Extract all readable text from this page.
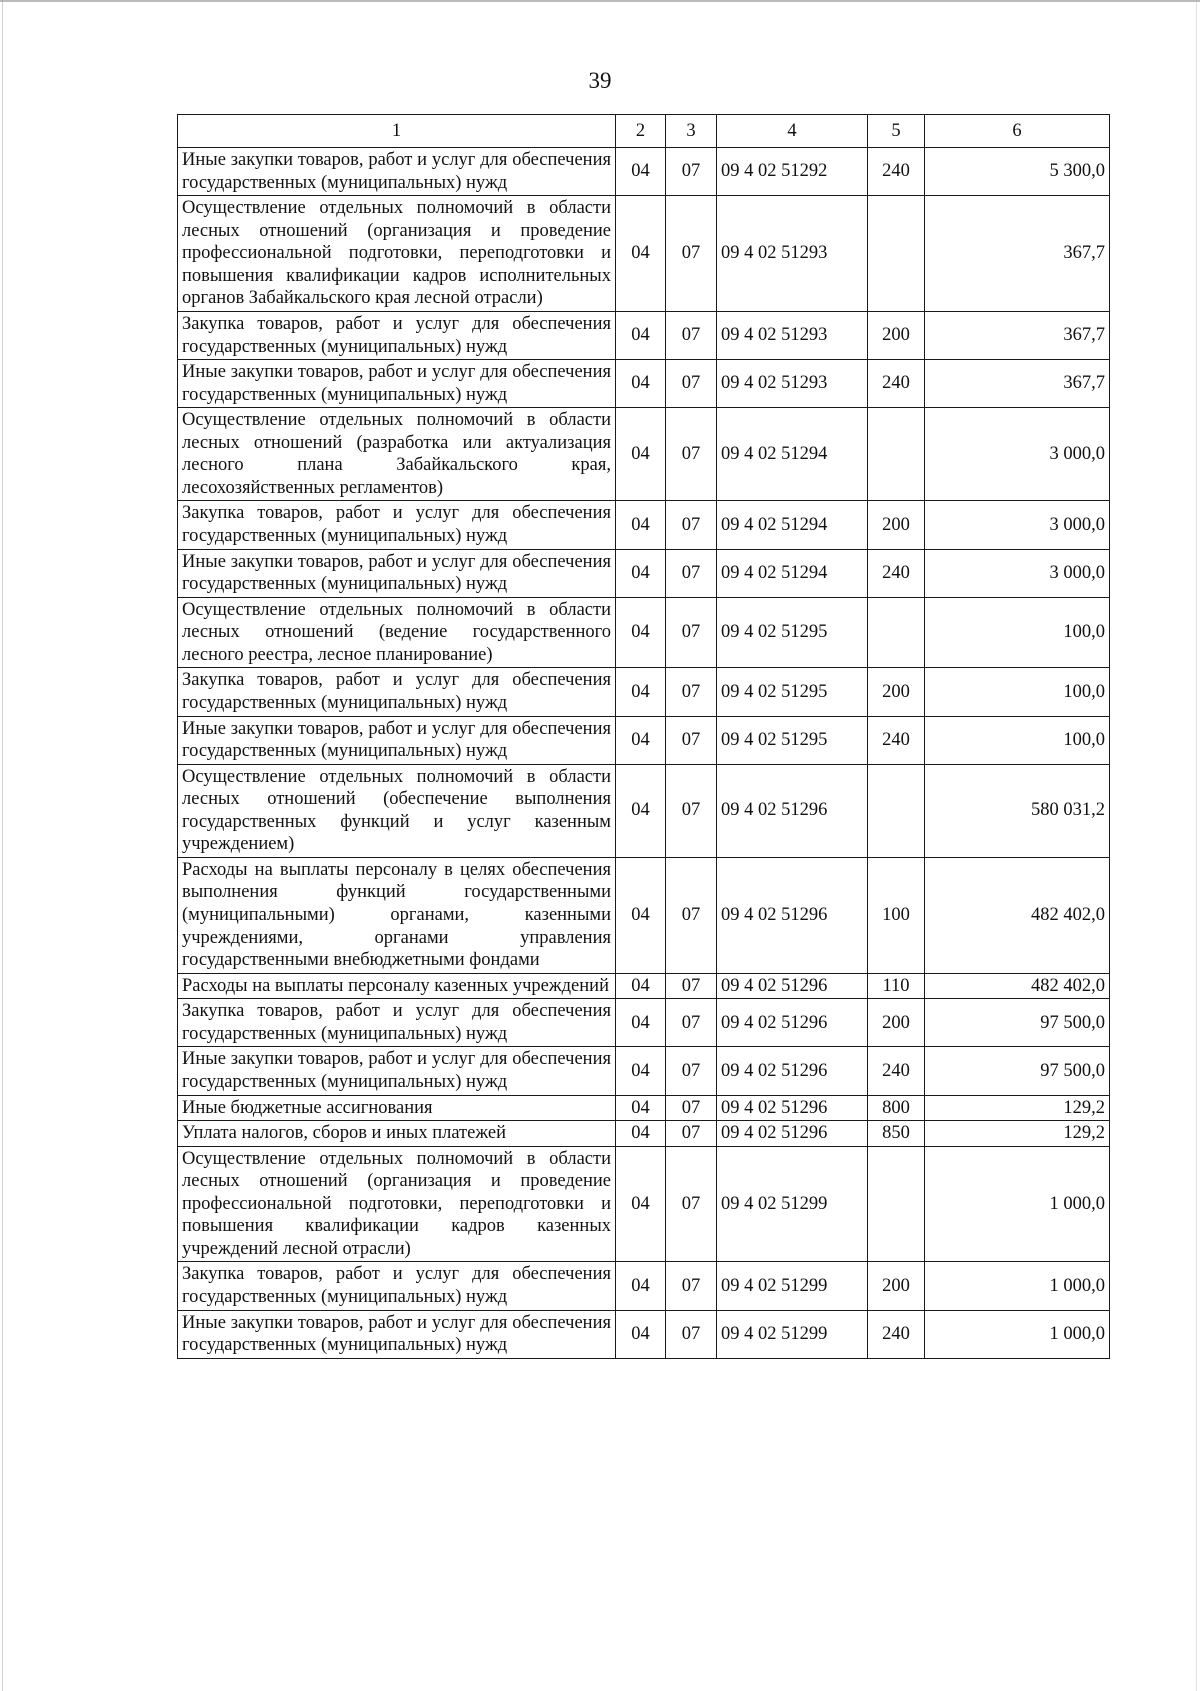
39
1	2	3	4	5	6
Иные закупки товаров, работ и услуг для обеспечения государственных (муниципальных) нужд	04	07	09 4 02 51292	240	5 300,0
Осуществление отдельных полномочий в области лесных отношений (организация и проведение профессиональной подготовки, переподготовки и повышения квалификации кадров исполнительных органов Забайкальского края лесной отрасли)	04	07	09 4 02 51293		367,7
Закупка товаров, работ и услуг для обеспечения государственных (муниципальных) нужд	04	07	09 4 02 51293	200	367,7
Иные закупки товаров, работ и услуг для обеспечения государственных (муниципальных) нужд	04	07	09 4 02 51293	240	367,7
Осуществление отдельных полномочий в области лесных отношений (разработка или актуализация лесного плана Забайкальского края, лесохозяйственных регламентов)	04	07	09 4 02 51294		3 000,0
Закупка товаров, работ и услуг для обеспечения государственных (муниципальных) нужд	04	07	09 4 02 51294	200	3 000,0
Иные закупки товаров, работ и услуг для обеспечения государственных (муниципальных) нужд	04	07	09 4 02 51294	240	3 000,0
Осуществление отдельных полномочий в области лесных отношений (ведение государственного лесного реестра, лесное планирование)	04	07	09 4 02 51295		100,0
Закупка товаров, работ и услуг для обеспечения государственных (муниципальных) нужд	04	07	09 4 02 51295	200	100,0
Иные закупки товаров, работ и услуг для обеспечения государственных (муниципальных) нужд	04	07	09 4 02 51295	240	100,0
Осуществление отдельных полномочий в области лесных отношений (обеспечение выполнения государственных функций и услуг казенным учреждением)	04	07	09 4 02 51296		580 031,2
Расходы на выплаты персоналу в целях обеспечения выполнения функций государственными (муниципальными) органами, казенными учреждениями, органами управления государственными внебюджетными фондами	04	07	09 4 02 51296	100	482 402,0
Расходы на выплаты персоналу казенных учреждений	04	07	09 4 02 51296	110	482 402,0
Закупка товаров, работ и услуг для обеспечения государственных (муниципальных) нужд	04	07	09 4 02 51296	200	97 500,0
Иные закупки товаров, работ и услуг для обеспечения государственных (муниципальных) нужд	04	07	09 4 02 51296	240	97 500,0
Иные бюджетные ассигнования	04	07	09 4 02 51296	800	129,2
Уплата налогов, сборов и иных платежей	04	07	09 4 02 51296	850	129,2
Осуществление отдельных полномочий в области лесных отношений (организация и проведение профессиональной подготовки, переподготовки и повышения квалификации кадров казенных учреждений лесной отрасли)	04	07	09 4 02 51299		1 000,0
Закупка товаров, работ и услуг для обеспечения государственных (муниципальных) нужд	04	07	09 4 02 51299	200	1 000,0
Иные закупки товаров, работ и услуг для обеспечения государственных (муниципальных) нужд	04	07	09 4 02 51299	240	1 000,0
